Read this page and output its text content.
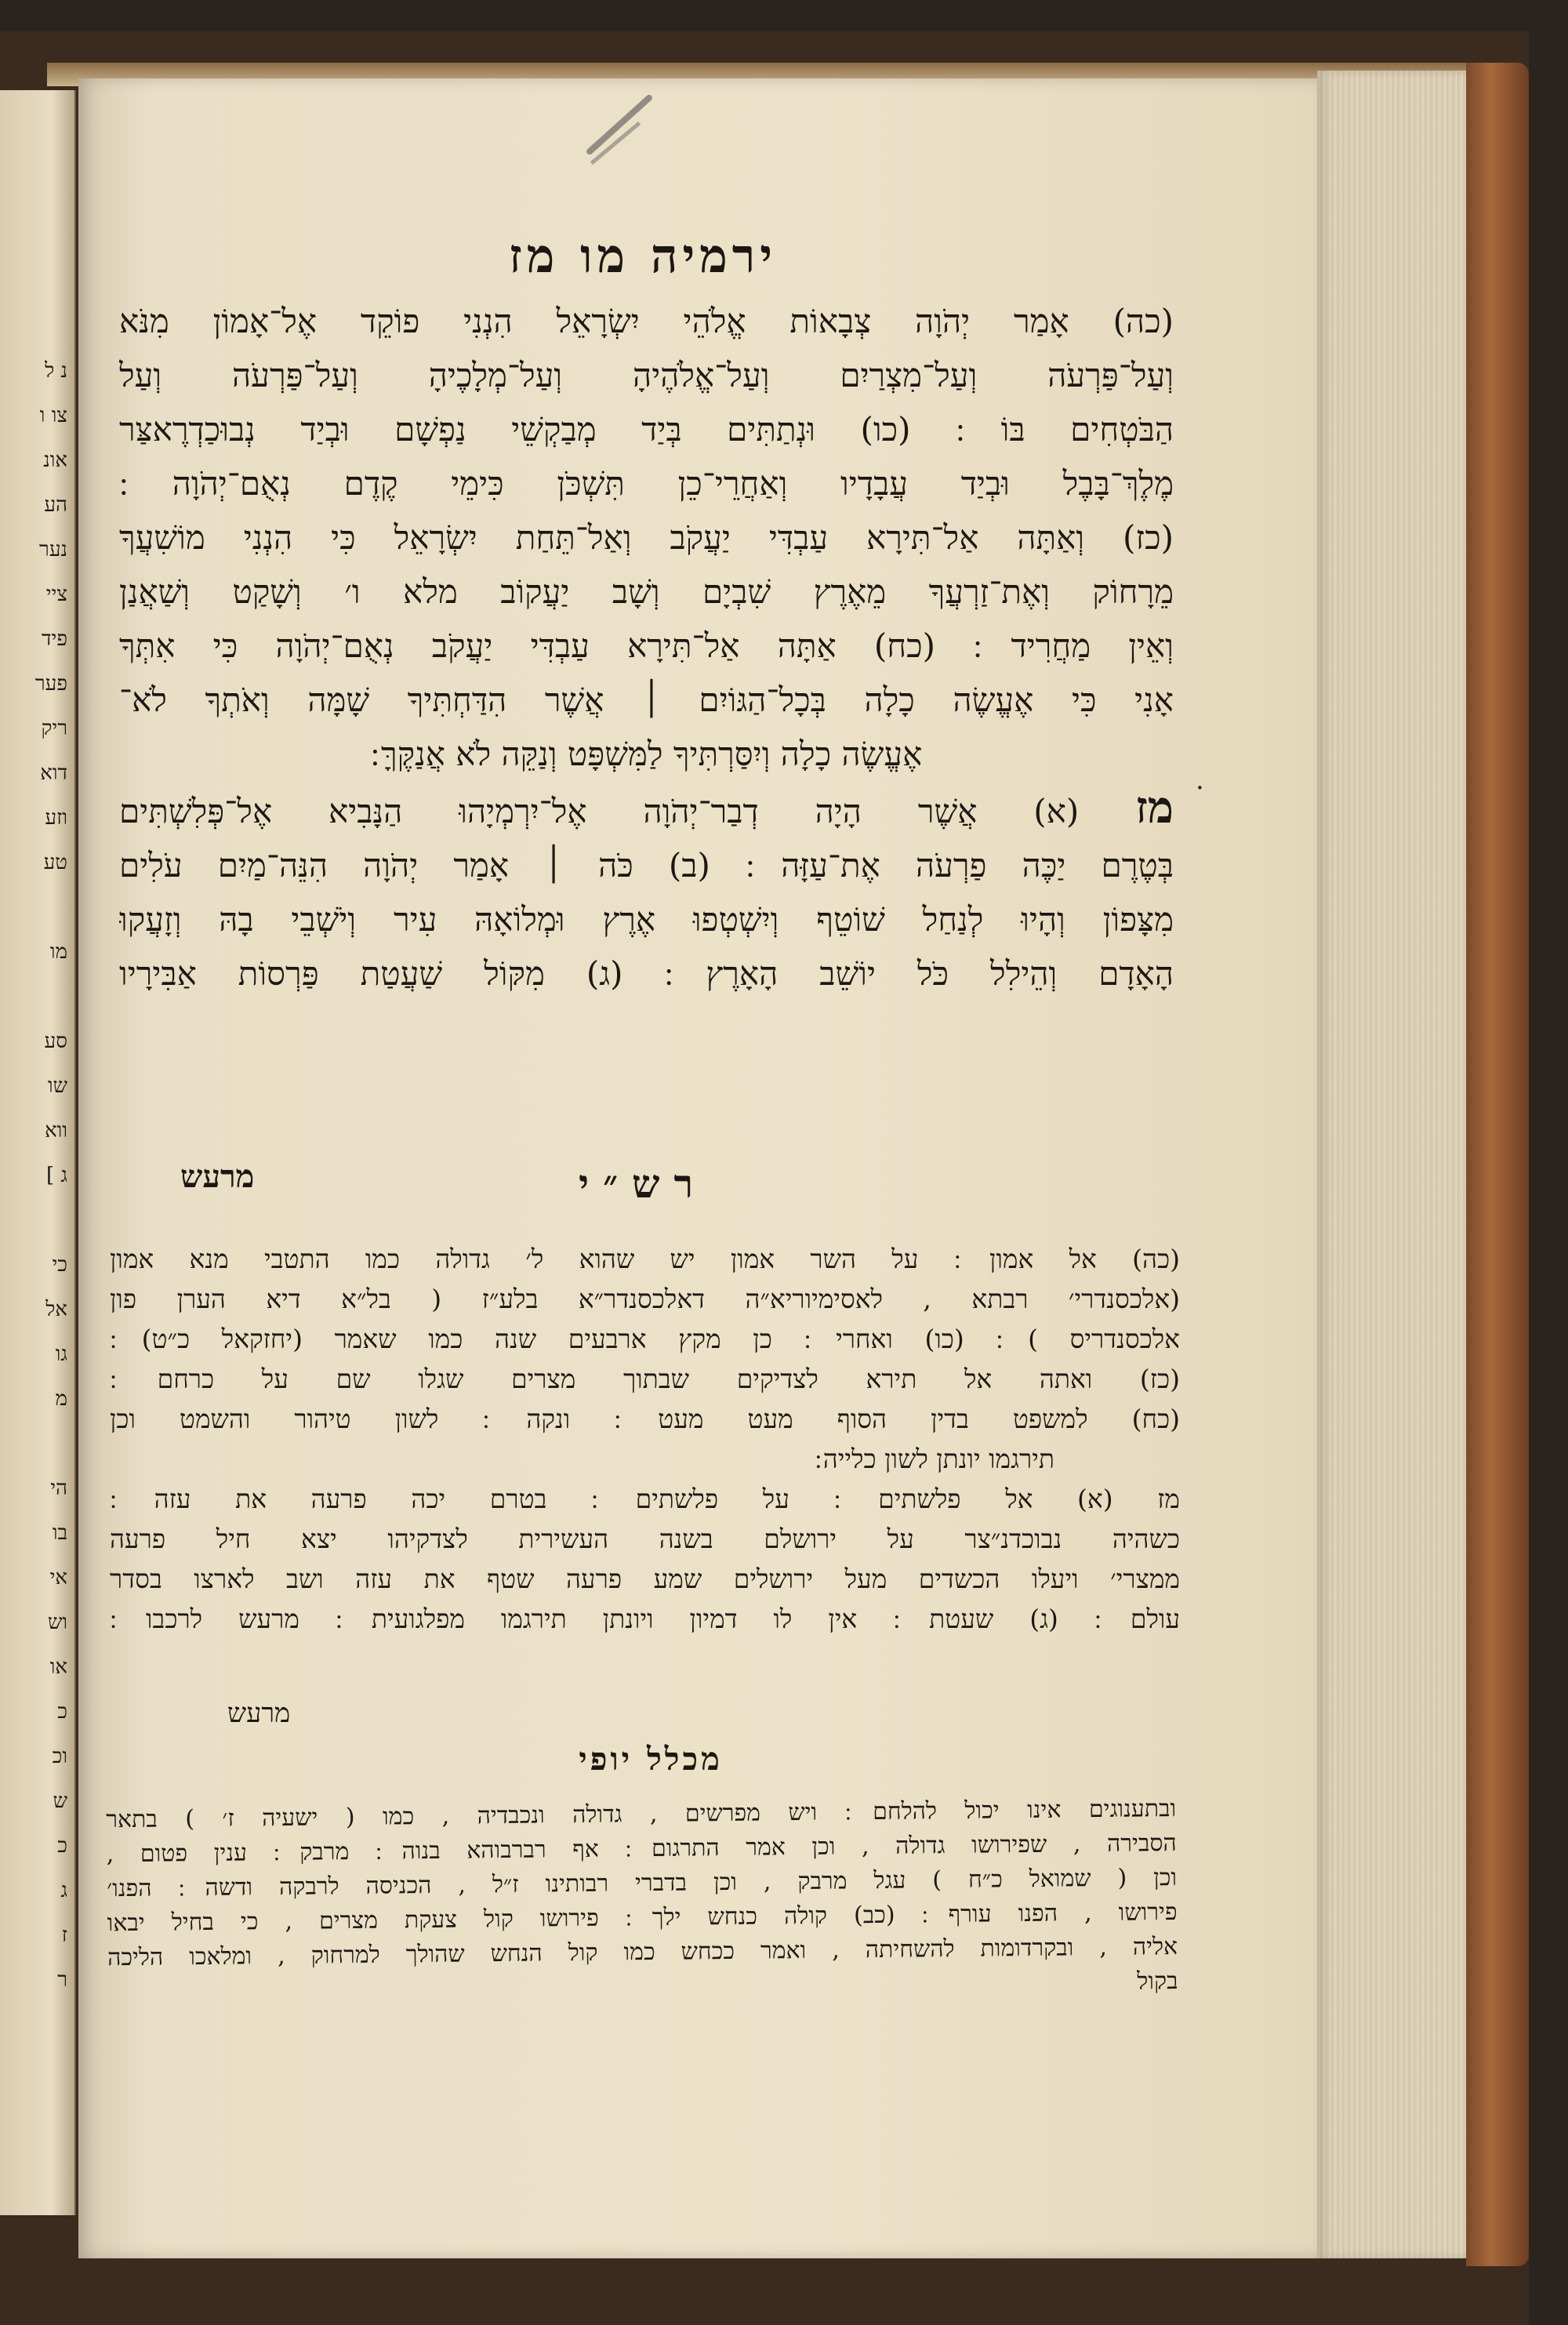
נ ל
צו ו
אונ
הע
נער
ציי
פיד
פער
ריק
דוא
וזע
טע

מו

סע
שו
ווא
ג ]

כי
אל
גו
מ

הי
בו
אי
וש
או
כ
וכ
ש
כ
ג
ז
ר
ירמיה מו מז
(כה) אָמַר יְהֹוָה צְבָאוֹת אֱלֹהֵי יִשְׂרָאֵל הִנְנִי פוֹקֵד אֶל־אָמוֹן מִנֹּא
וְעַל־פַּרְעֹה וְעַל־מִצְרַיִם וְעַל־אֱלֹהֶיהָ וְעַל־מְלָכֶיהָ וְעַל־פַּרְעֹה וְעַל
הַבֹּטְחִים בּוֹ ׃ (כו) וּנְתַתִּים בְּיַד מְבַקְשֵׁי נַפְשָׁם וּבְיַד נְבוּכַדְרֶאצַּר
מֶלֶךְ־בָּבֶל וּבְיַד עֲבָדָיו וְאַחֲרֵי־כֵן תִּשְׁכֹּן כִּימֵי קֶדֶם נְאֻם־יְהֹוָה ׃
(כז) וְאַתָּה אַל־תִּירָא עַבְדִּי יַעֲקֹב וְאַל־תֵּחַת יִשְׂרָאֵל כִּי הִנְנִי מוֹשִׁעֲךָ
מֵרָחוֹק וְאֶת־זַרְעֲךָ מֵאֶרֶץ שִׁבְיָם וְשָׁב יַעֲקוֹב מלא ו׳ וְשָׁקַט וְשַׁאֲנַן
וְאֵין מַחֲרִיד ׃ (כח) אַתָּה אַל־תִּירָא עַבְדִּי יַעֲקֹב נְאֻם־יְהֹוָה כִּי אִתְּךָ
אָנִי כִּי אֶעֱשֶׂה כָלָה בְּכָל־הַגּוֹיִם ׀ אֲשֶׁר הִדַּחְתִּיךָ שָׁמָּה וְאֹתְךָ לֹא־
אֶעֱשֶׂה כָלָה וְיִסַּרְתִּיךָ לַמִּשְׁפָּט וְנַקֵּה לֹא אֲנַקֶּךָּ ׃
מז (א) אֲשֶׁר הָיָה דְבַר־יְהֹוָה אֶל־יִרְמְיָהוּ הַנָּבִיא אֶל־פְּלִשְׁתִּים
בְּטֶרֶם יַכֶּה פַרְעֹה אֶת־עַזָּה ׃ (ב) כֹּה ׀ אָמַר יְהֹוָה הִנֵּה־מַיִם עֹלִים
מִצָּפוֹן וְהָיוּ לְנַחַל שׁוֹטֵף וְיִשְׁטְפוּ אֶרֶץ וּמְלוֹאָהּ עִיר וְיֹשְׁבֵי בָהּ וְזָעֲקוּ
הָאָדָם וְהֵילִל כֹּל יוֹשֵׁב הָאָרֶץ ׃ (ג) מִקּוֹל שַׁעֲטַת פַּרְסוֹת אַבִּירָיו
·
רש״י
מרעש
(כה) אל אמון ׃ על השר אמון יש שהוא ל׳ גדולה כמו התטבי מנא אמון
(אלכסנדרי׳ רבתא , לאסימיוריא״ה דאלכסנדר״א בלע״ז ( בל״א דיא הערן פון
אלכסנדריס ) ׃ (כו) ואחרי ׃ כן מקץ ארבעים שנה כמו שאמר (יחזקאל כ״ט) ׃
(כז) ואתה אל תירא לצדיקים שבתוך מצרים שגלו שם על כרחם ׃
(כח) למשפט בדין הסוף מעט מעט ׃ ונקה ׃ לשון טיהור והשמט וכן
תירגמו יונתן לשון כלייה ׃
מז (א) אל פלשתים ׃ על פלשתים ׃ בטרם יכה פרעה את עזה ׃
כשהיה נבוכדנ״צר על ירושלם בשנה העשירית לצדקיהו יצא חיל פרעה
ממצרי׳ ויעלו הכשדים מעל ירושלים שמע פרעה שטף את עזה ושב לארצו בסדר
עולם ׃ (ג) שעטת ׃ אין לו דמיון ויונתן תירגמו מפלגועית ׃ מרעש לרכבו ׃
מרעש
מכלל יופי
ובתענוגים אינו יכול להלחם ׃ ויש מפרשים , גדולה ונכבדיה , כמו ( ישעיה ז׳ ) בתאר
הסבירה , שפירושו גדולה , וכן אמר התרגום ׃ אף רברבוהא בנוה ׃ מרבק ׃ ענין פטום ,
וכן ( שמואל כ״ח ) עגל מרבק , וכן בדברי רבותינו ז״ל , הכניסה לרבקה ודשה ׃ הפנו׳
פירושו , הפנו עורף ׃ (כב) קולה כנחש ילך ׃ פירושו קול צעקת מצרים , כי בחיל יבאו
אליה , ובקרדומות להשחיתה , ואמר ככחש כמו קול הנחש שהולך למרחוק , ומלאכו הליכה
בקול
